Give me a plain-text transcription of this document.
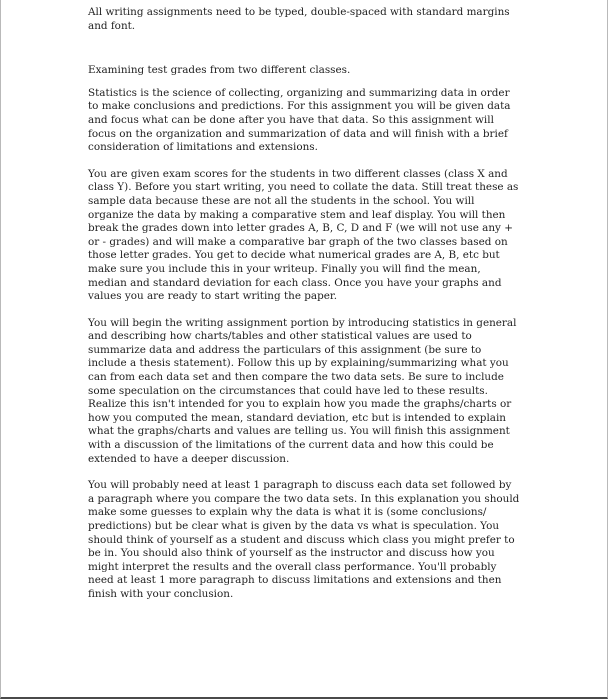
All writing assignments need to be typed, double-spaced with standard margins and font.

Examining test grades from two different classes.

Statistics is the science of collecting, organizing and summarizing data in order to make conclusions and predictions. For this assignment you will be given data and focus what can be done after you have that data. So this assignment will focus on the organization and summarization of data and will finish with a brief consideration of limitations and extensions.

You are given exam scores for the students in two different classes (class X and class Y). Before you start writing, you need to collate the data. Still treat these as sample data because these are not all the students in the school. You will organize the data by making a comparative stem and leaf display. You will then break the grades down into letter grades A, B, C, D and F (we will not use any + or - grades) and will make a comparative bar graph of the two classes based on those letter grades. You get to decide what numerical grades are A, B, etc but make sure you include this in your writeup. Finally you will find the mean, median and standard deviation for each class. Once you have your graphs and values you are ready to start writing the paper.

You will begin the writing assignment portion by introducing statistics in general and describing how charts/tables and other statistical values are used to summarize data and address the particulars of this assignment (be sure to include a thesis statement). Follow this up by explaining/summarizing what you can from each data set and then compare the two data sets. Be sure to include some speculation on the circumstances that could have led to these results. Realize this isn't intended for you to explain how you made the graphs/charts or how you computed the mean, standard deviation, etc but is intended to explain what the graphs/charts and values are telling us. You will finish this assignment with a discussion of the limitations of the current data and how this could be extended to have a deeper discussion.

You will probably need at least 1 paragraph to discuss each data set followed by a paragraph where you compare the two data sets. In this explanation you should make some guesses to explain why the data is what it is (some conclusions/ predictions) but be clear what is given by the data vs what is speculation. You should think of yourself as a student and discuss which class you might prefer to be in. You should also think of yourself as the instructor and discuss how you might interpret the results and the overall class performance. You'll probably need at least 1 more paragraph to discuss limitations and extensions and then finish with your conclusion.
